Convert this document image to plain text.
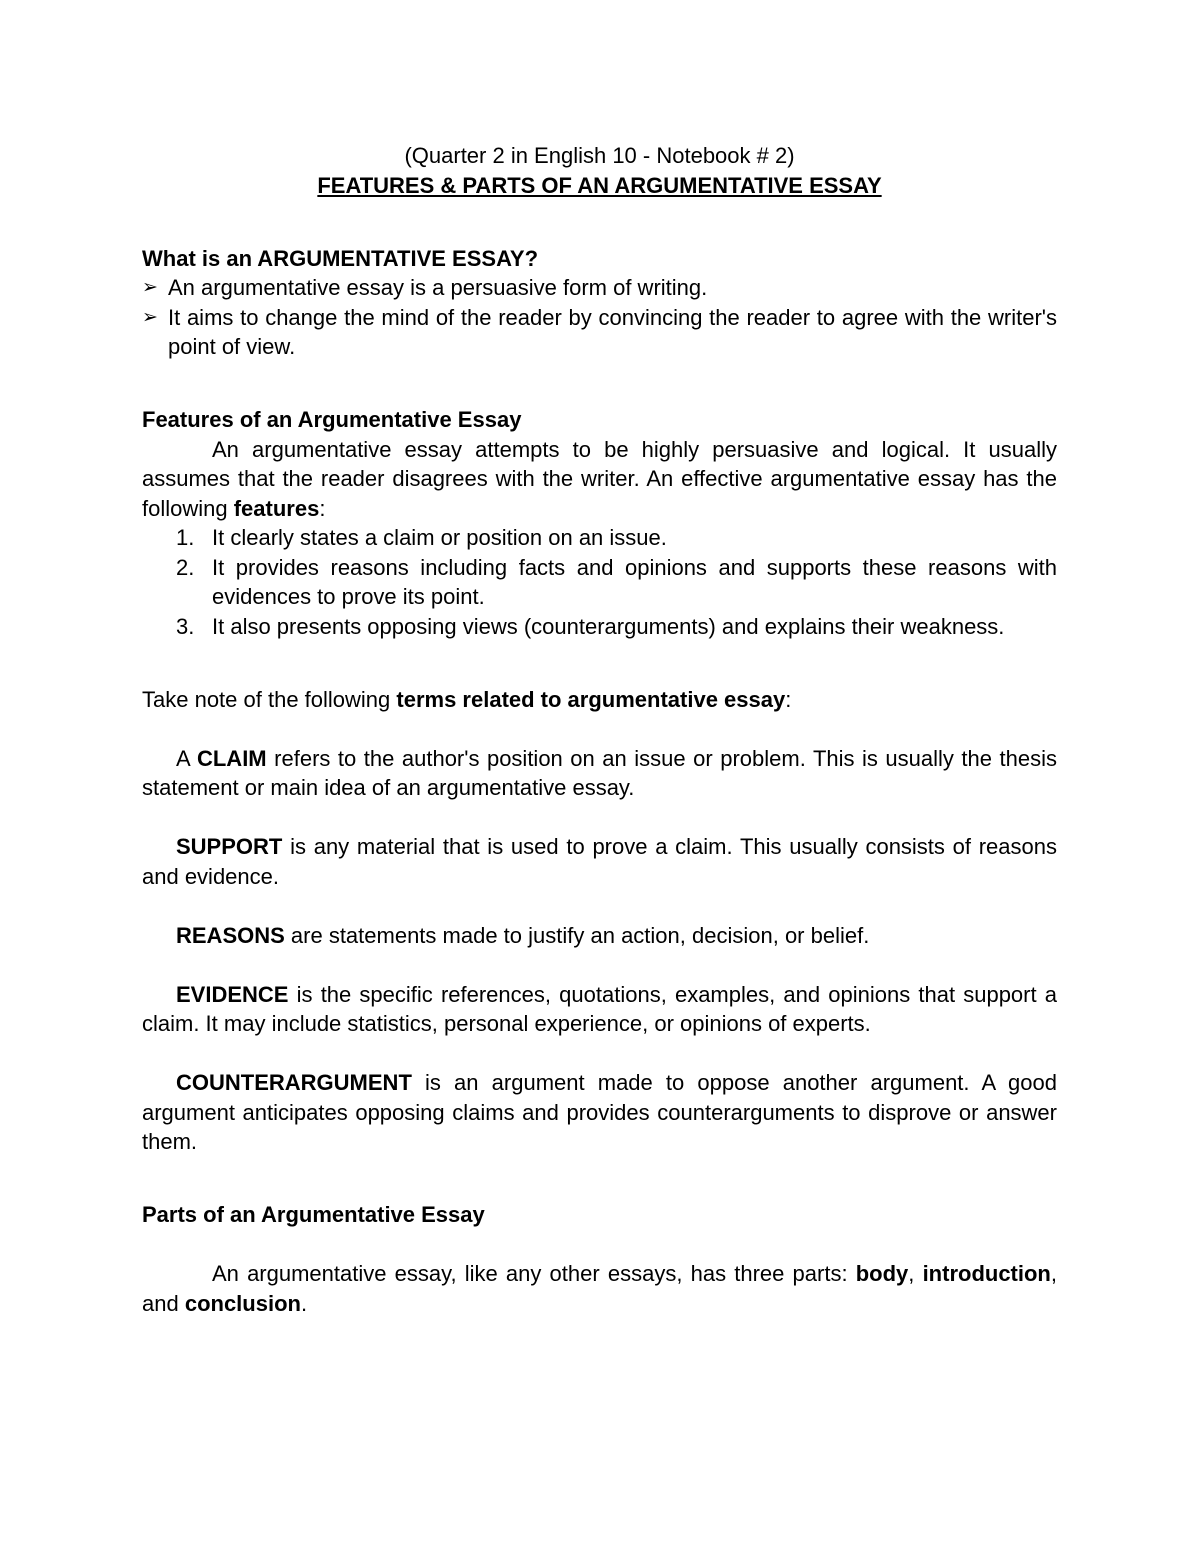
(Quarter 2 in English 10 - Notebook # 2)
FEATURES & PARTS OF AN ARGUMENTATIVE ESSAY
What is an ARGUMENTATIVE ESSAY?
➢ An argumentative essay is a persuasive form of writing.
➢ It aims to change the mind of the reader by convincing the reader to agree with the writer's point of view.
Features of an Argumentative Essay
An argumentative essay attempts to be highly persuasive and logical. It usually assumes that the reader disagrees with the writer. An effective argumentative essay has the following features:
1. It clearly states a claim or position on an issue.
2. It provides reasons including facts and opinions and supports these reasons with evidences to prove its point.
3. It also presents opposing views (counterarguments) and explains their weakness.
Take note of the following terms related to argumentative essay:
A CLAIM refers to the author's position on an issue or problem. This is usually the thesis statement or main idea of an argumentative essay.
SUPPORT is any material that is used to prove a claim. This usually consists of reasons and evidence.
REASONS are statements made to justify an action, decision, or belief.
EVIDENCE is the specific references, quotations, examples, and opinions that support a claim. It may include statistics, personal experience, or opinions of experts.
COUNTERARGUMENT is an argument made to oppose another argument. A good argument anticipates opposing claims and provides counterarguments to disprove or answer them.
Parts of an Argumentative Essay
An argumentative essay, like any other essays, has three parts: body, introduction, and conclusion.
